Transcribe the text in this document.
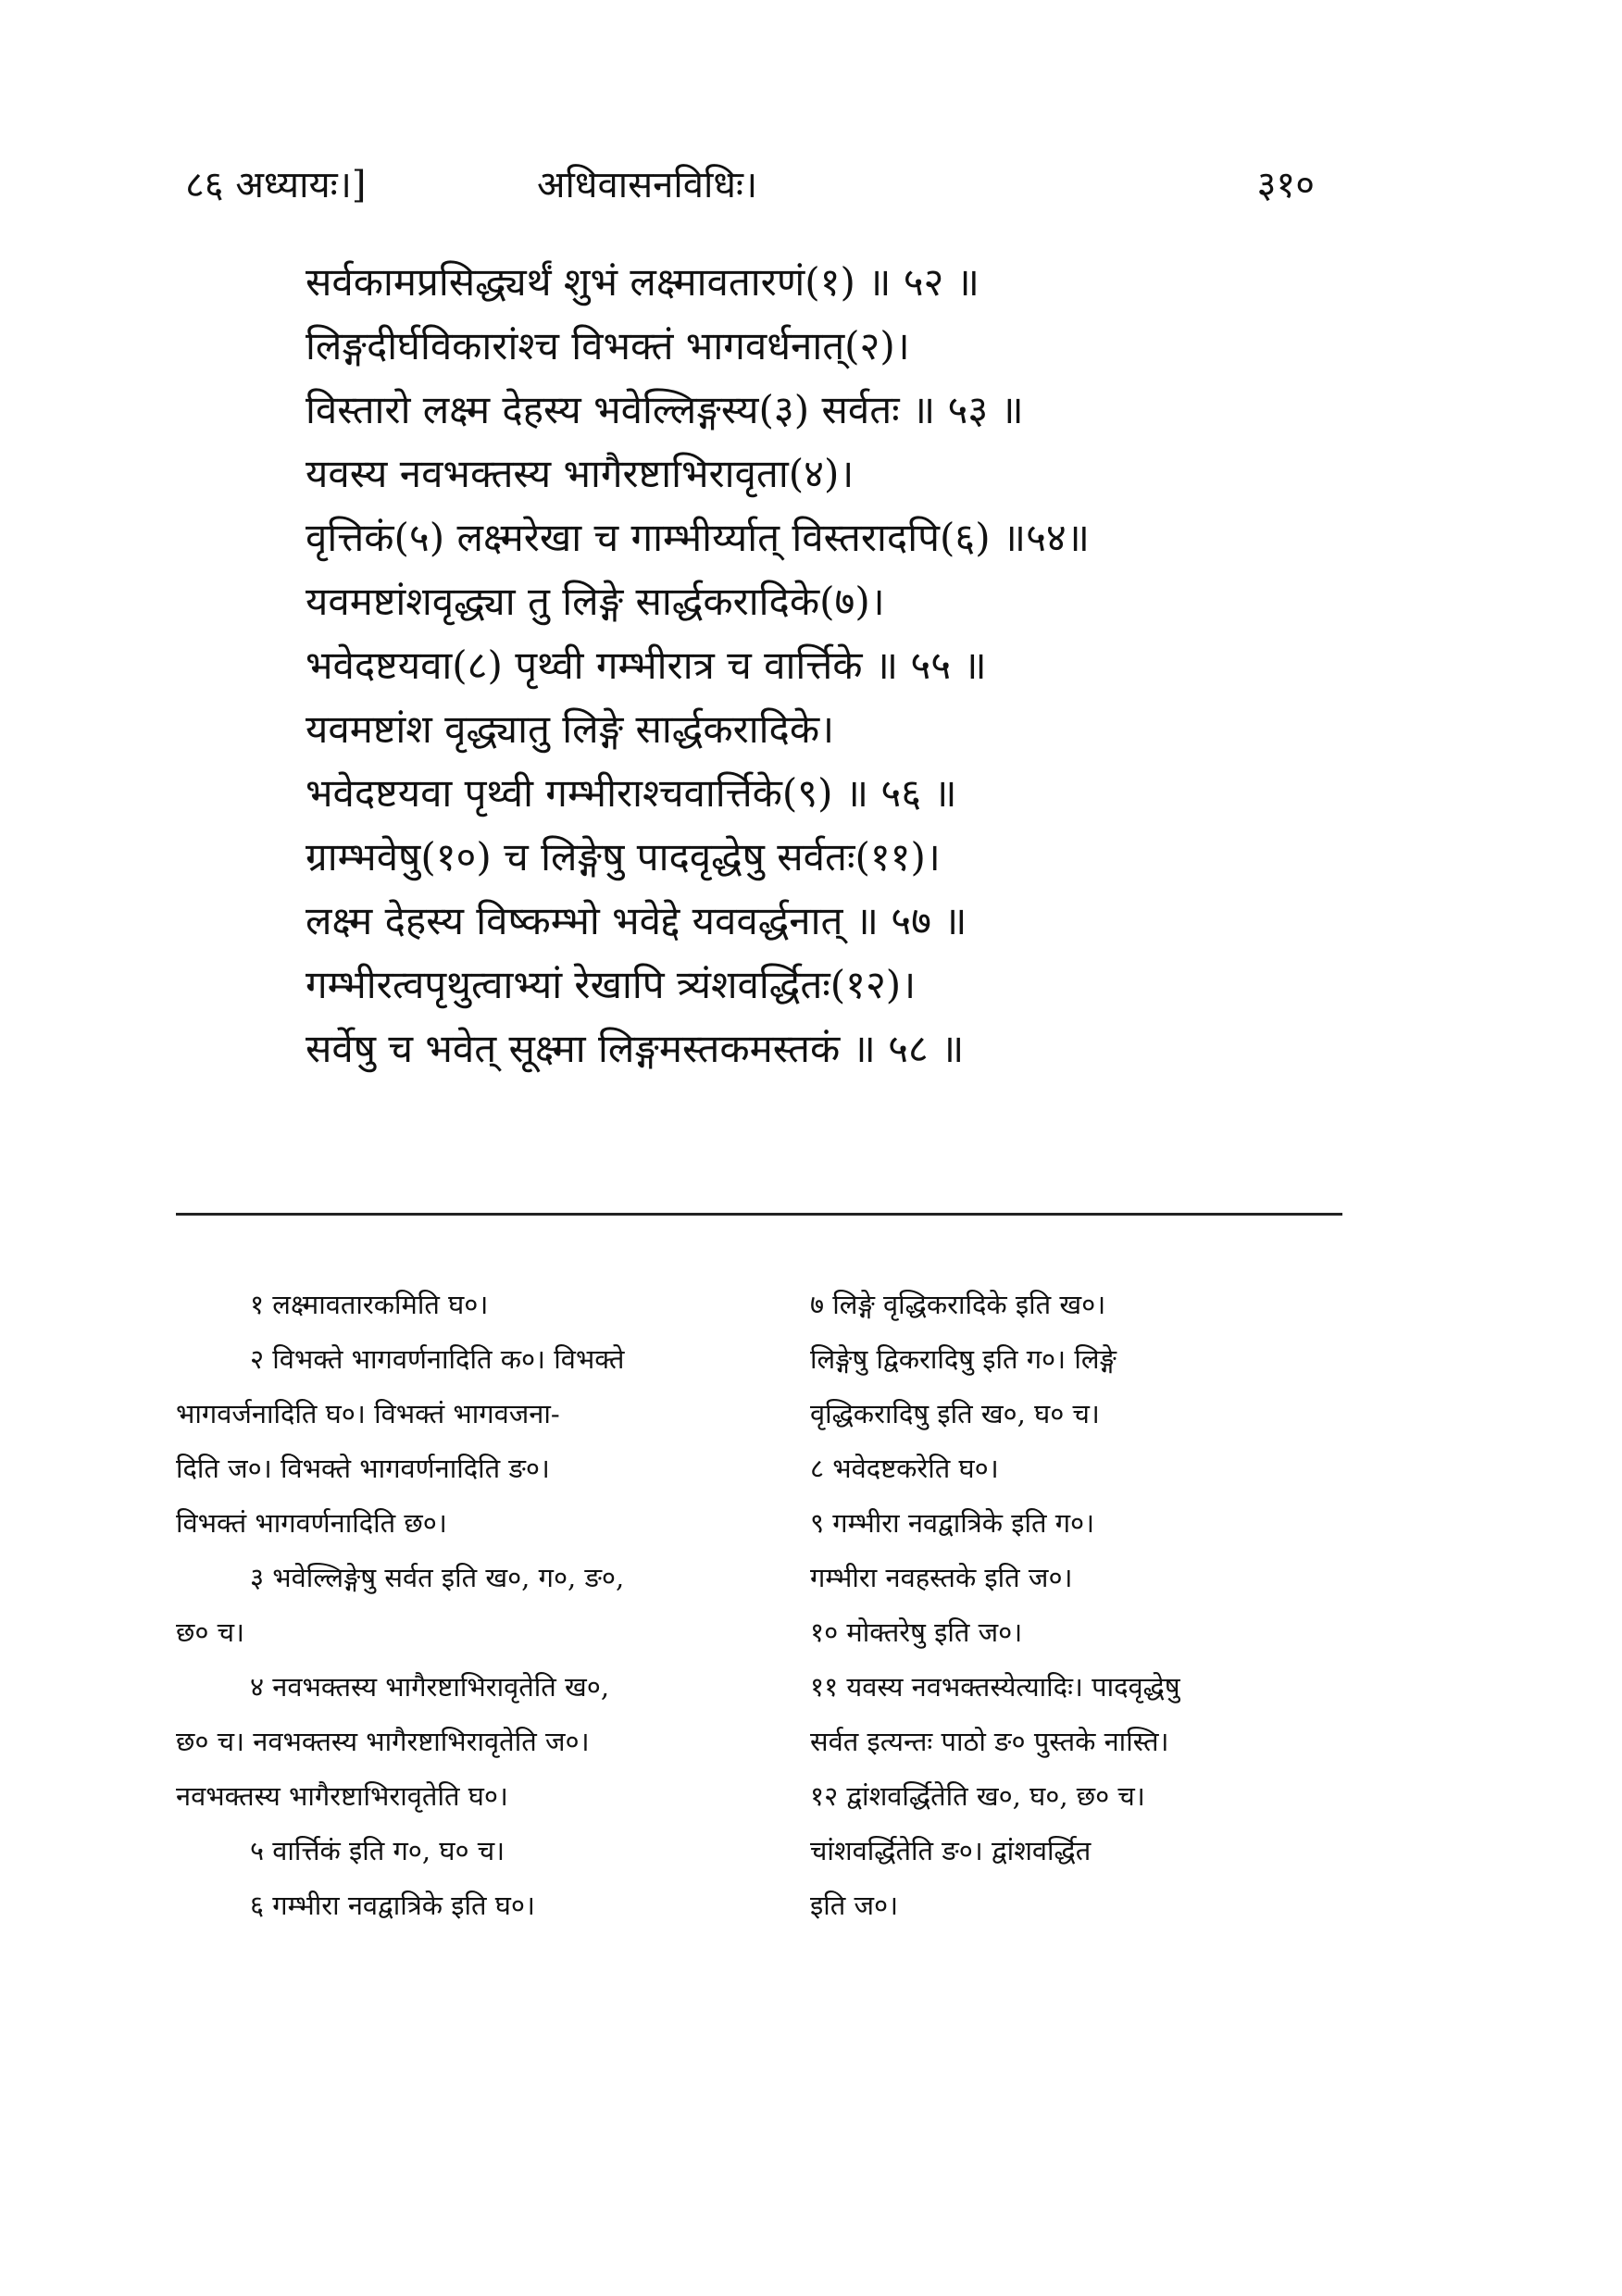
८६ अध्यायः।]	अधिवासनविधिः।	३१०
सर्वकामप्रसिद्ध्यर्थं शुभं लक्ष्मावतारणं(१) ॥ ५२ ॥
लिङ्गदीर्घविकारांश्च विभक्तं भागवर्धनात्(२)।
विस्तारो लक्ष्म देहस्य भवेल्लिङ्गस्य(३) सर्वतः ॥ ५३ ॥
यवस्य नवभक्तस्य भागैरष्टाभिरावृता(४)।
वृत्तिकं(५) लक्ष्मरेखा च गाम्भीर्य्यात् विस्तरादपि(६) ॥५४॥
यवमष्टांशवृद्ध्या तु लिङ्गे सार्द्धकरादिके(७)।
भवेदष्टयवा(८) पृथ्वी गम्भीरात्र च वार्त्तिके ॥ ५५ ॥
यवमष्टांश वृद्ध्यातु लिङ्गे सार्द्धकरादिके।
भवेदष्टयवा पृथ्वी गम्भीराश्चवार्त्तिके(९) ॥ ५६ ॥
ग्राम्भवेषु(१०) च लिङ्गेषु पादवृद्धेषु सर्वतः(११)।
लक्ष्म देहस्य विष्कम्भो भवेद्दे यववर्द्धनात् ॥ ५७ ॥
गम्भीरत्वपृथुत्वाभ्यां रेखापि त्र्यंशवर्द्धितः(१२)।
सर्वेषु च भवेत् सूक्ष्मा लिङ्गमस्तकमस्तकं ॥ ५८ ॥
१ लक्ष्मावतारकमिति घ०।	७ लिङ्गे वृद्धिकरादिके इति ख०।
२ विभक्ते भागवर्णनादिति क०। विभक्ते	लिङ्गेषु द्विकरादिषु इति ग०। लिङ्गे
भागवर्जनादिति घ०। विभक्तं भागवजना-	वृद्धिकरादिषु इति ख०, घ० च।
दिति ज०। विभक्ते भागवर्णनादिति ङ०।	८ भवेदष्टकरेति घ०।
विभक्तं भागवर्णनादिति छ०।	९ गम्भीरा नवद्वात्रिके इति ग०।
३ भवेल्लिङ्गेषु सर्वत इति ख०, ग०, ङ०,	गम्भीरा नवहस्तके इति ज०।
छ० च।	१० मोक्तरेषु इति ज०।
४ नवभक्तस्य भागैरष्टाभिरावृतेति ख०,	११ यवस्य नवभक्तस्येत्यादिः। पादवृद्धेषु
छ० च। नवभक्तस्य भागैरष्टाभिरावृतेति ज०।	सर्वत इत्यन्तः पाठो ङ० पुस्तके नास्ति।
नवभक्तस्य भागैरष्टाभिरावृतेति घ०।	१२ द्वांशवर्द्धितेति ख०, घ०, छ० च।
५ वार्त्तिकं इति ग०, घ० च।	चांशवर्द्धितेति ङ०। द्वांशवर्द्धित
६ गम्भीरा नवद्वात्रिके इति घ०।	इति ज०।
